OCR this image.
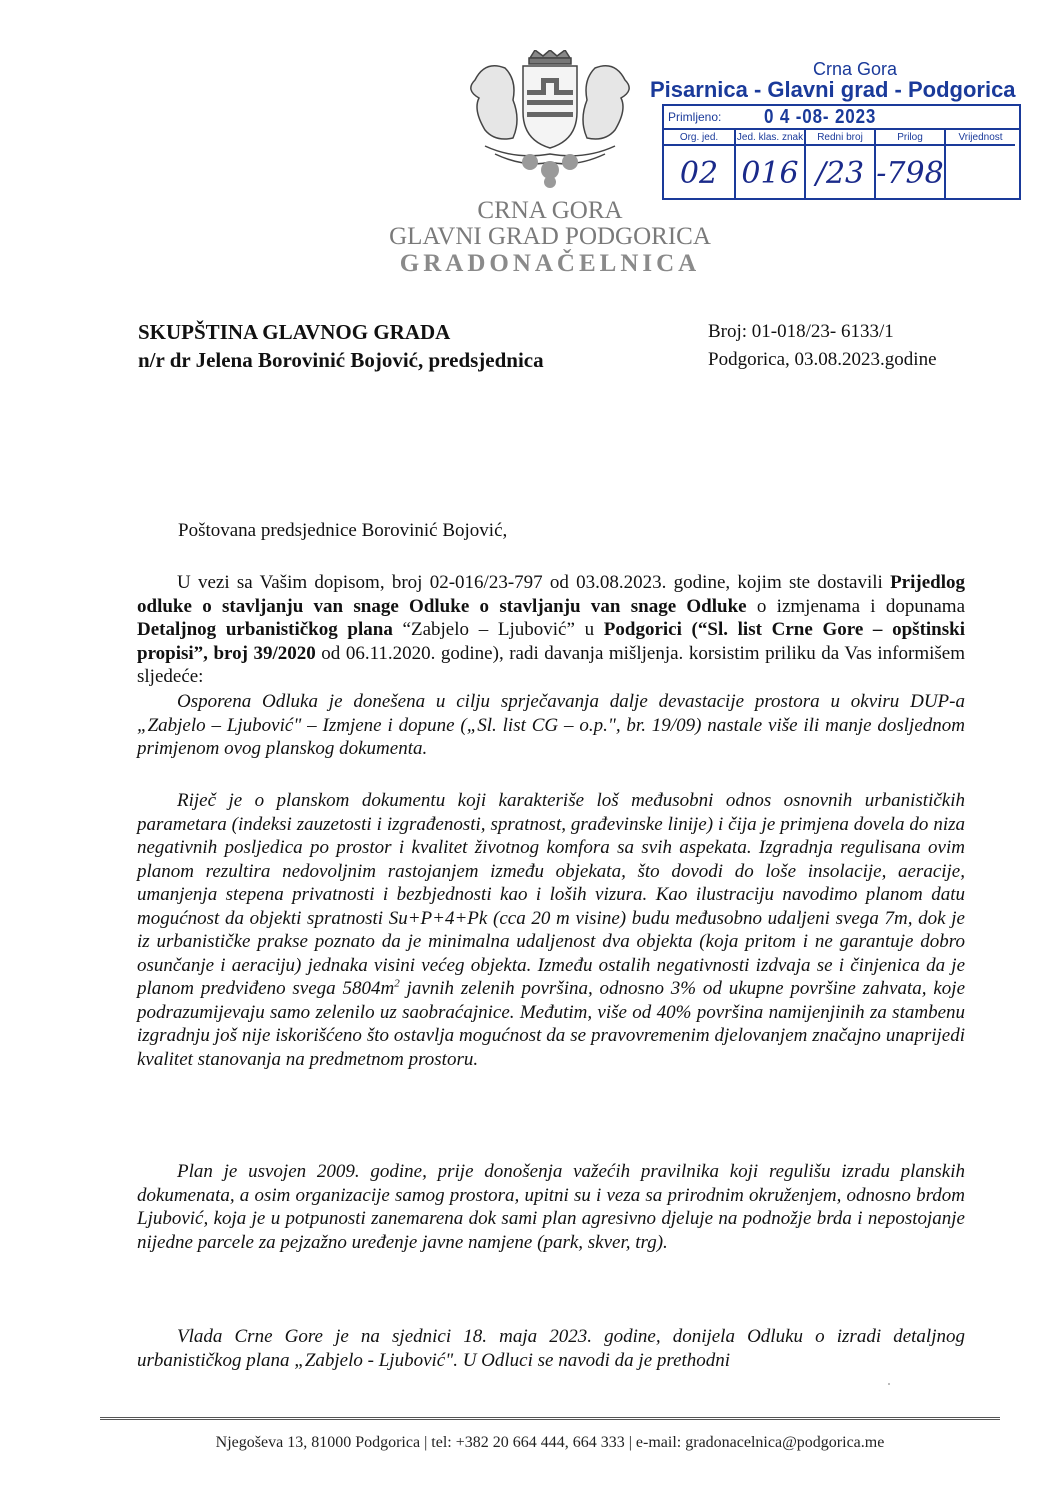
CRNA GORA
GLAVNI GRAD PODGORICA
GRADONAČELNICA
Crna Gora
Pisarnica - Glavni grad - Podgorica
Primljeno:	0 4 -08- 2023
Org. jed.	Jed. klas. znak	Redni broj	Prilog	Vrijednost
02 016 /23 -798
SKUPŠTINA GLAVNOG GRADA
n/r dr Jelena Borovinić Bojović, predsjednica
Broj: 01-018/23- 6133/1
Podgorica, 03.08.2023.godine
Poštovana predsjednice Borovinić Bojović,
U vezi sa Vašim dopisom, broj 02-016/23-797 od 03.08.2023. godine, kojim ste dostavili Prijedlog odluke o stavljanju van snage Odluke o stavljanju van snage Odluke o izmjenama i dopunama Detaljnog urbanističkog plana “Zabjelo – Ljubović” u Podgorici (“Sl. list Crne Gore – opštinski propisi”, broj 39/2020 od 06.11.2020. godine), radi davanja mišljenja. korsistim priliku da Vas informišem sljedeće:
Osporena Odluka je donešena u cilju sprječavanja dalje devastacije prostora u okviru DUP-a „Zabjelo – Ljubović" – Izmjene i dopune („Sl. list CG – o.p.", br. 19/09) nastale više ili manje dosljednom primjenom ovog planskog dokumenta.
Riječ je o planskom dokumentu koji karakteriše loš međusobni odnos osnovnih urbanističkih parametara (indeksi zauzetosti i izgrađenosti, spratnost, građevinske linije) i čija je primjena dovela do niza negativnih posljedica po prostor i kvalitet životnog komfora sa svih aspekata. Izgradnja regulisana ovim planom rezultira nedovoljnim rastojanjem između objekata, što dovodi do loše insolacije, aeracije, umanjenja stepena privatnosti i bezbjednosti kao i loših vizura. Kao ilustraciju navodimo planom datu mogućnost da objekti spratnosti Su+P+4+Pk (cca 20 m visine) budu međusobno udaljeni svega 7m, dok je iz urbanističke prakse poznato da je minimalna udaljenost dva objekta (koja pritom i ne garantuje dobro osunčanje i aeraciju) jednaka visini većeg objekta. Između ostalih negativnosti izdvaja se i činjenica da je planom predviđeno svega $5804m^2$ javnih zelenih površina, odnosno 3% od ukupne površine zahvata, koje podrazumijevaju samo zelenilo uz saobraćajnice. Međutim, više od 40% površina namijenjinih za stambenu izgradnju još nije iskorišćeno što ostavlja mogućnost da se pravovremenim djelovanjem značajno unaprijedi kvalitet stanovanja na predmetnom prostoru.
Plan je usvojen 2009. godine, prije donošenja važećih pravilnika koji regulišu izradu planskih dokumenata, a osim organizacije samog prostora, upitni su i veza sa prirodnim okruženjem, odnosno brdom Ljubović, koja je u potpunosti zanemarena dok sami plan agresivno djeluje na podnožje brda i nepostojanje nijedne parcele za pejzažno uređenje javne namjene (park, skver, trg).
Vlada Crne Gore je na sjednici 18. maja 2023. godine, donijela Odluku o izradi detaljnog urbanističkog plana „Zabjelo - Ljubović". U Odluci se navodi da je prethodni
Njegoševa 13, 81000 Podgorica | tel: +382 20 664 444, 664 333 | e-mail: gradonacelnica@podgorica.me
